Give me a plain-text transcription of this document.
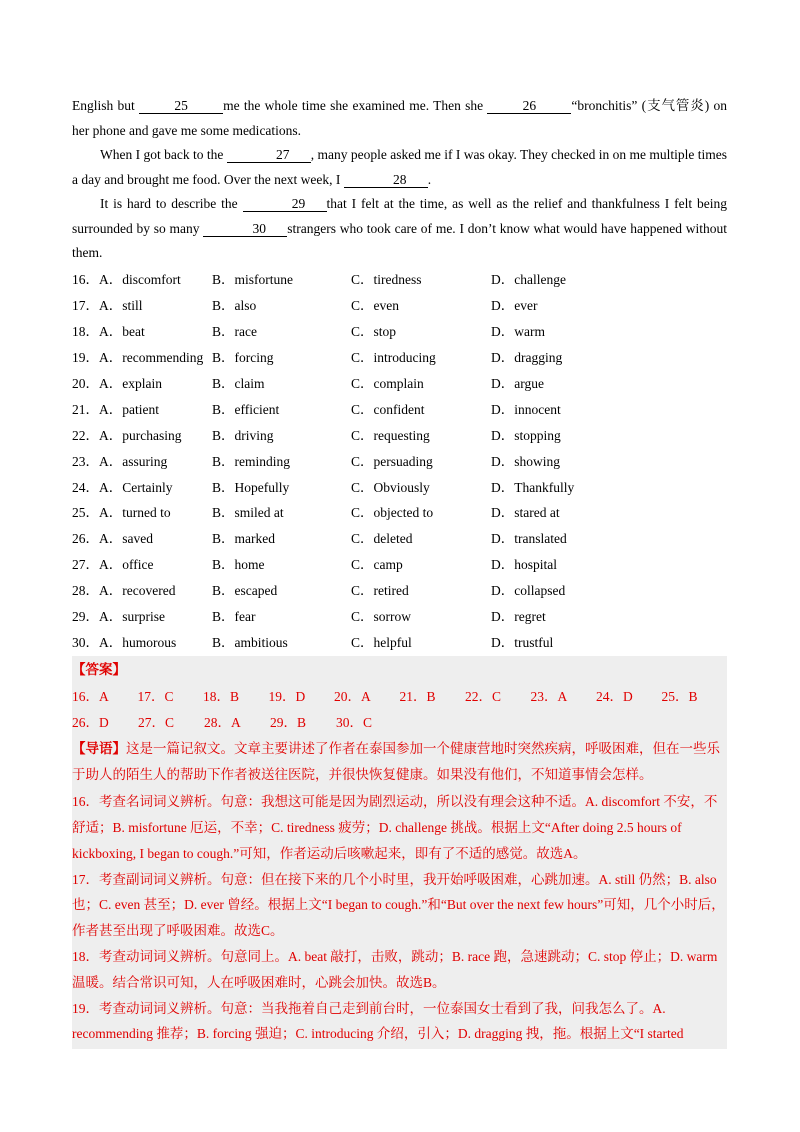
English but	25	me the whole time she examined me. Then she	26	“bronchitis” (支气管炎) on her phone and gave me some medications.

When I got back to the	27 , many people asked me if I was okay. They checked in on me multiple times a day and brought me food. Over the next week, I	28 .

It is hard to describe the	29 that I felt at the time, as well as the relief and thankfulness I felt being surrounded by so many	30 strangers who took care of me. I don’t know what would have happened without them.

16．A．discomfort	B．misfortune	C．tiredness	D．challenge
17．A．still	B．also	C．even	D．ever
18．A．beat	B．race	C．stop	D．warm
19．A．recommending B．forcing	C．introducing	D．dragging
20．A．explain	B．claim	C．complain	D．argue
21．A．patient	B．efficient	C．confident	D．innocent
22．A．purchasing	B．driving	C．requesting	D．stopping
23．A．assuring	B．reminding	C．persuading	D．showing
24．A．Certainly	B．Hopefully	C．Obviously	D．Thankfully
25．A．turned to	B．smiled at	C．objected to	D．stared at
26．A．saved	B．marked	C．deleted	D．translated
27．A．office	B．home	C．camp	D．hospital
28．A．recovered	B．escaped	C．retired	D．collapsed
29．A．surprise	B．fear	C．sorrow	D．regret
30．A．humorous	B．ambitious	C．helpful	D．trustful
【答案】
16．A	17．C	18．B	19．D	20．A	21．B	22．C	23．A	24．D	25．B
26．D	27．C	28．A	29．B	30．C

【导语】这是一篇记叙文。文章主要讲述了作者在泰国参加一个健康营地时突然疾病，呼吸困难，但在一些乐于助人的陌生人的帮助下作者被送往医院，并很快恢复健康。如果没有他们，不知道事情会怎样。

16．考查名词词义辨析。句意：我想这可能是因为剧烈运动，所以没有理会这种不适。A. discomfort 不安，不舒适；B. misfortune 厄运，不幸；C. tiredness 疲劳；D. challenge 挑战。根据上文“After doing 2.5 hours of kickboxing, I began to cough.”可知，作者运动后咳嗽起来，即有了不适的感觉。故选A。

17．考查副词词义辨析。句意：但在接下来的几个小时里，我开始呼吸困难，心跳加速。A. still 仍然；B. also 也；C. even 甚至；D. ever 曾经。根据上文“I began to cough.”和“But over the next few hours”可知，几个小时后，作者甚至出现了呼吸困难。故选C。

18．考查动词词义辨析。句意同上。A. beat 敲打，击败，跳动；B. race 跑，急速跳动；C. stop 停止；D. warm 温暖。结合常识可知，人在呼吸困难时，心跳会加快。故选B。

19．考查动词词义辨析。句意：当我拖着自己走到前台时，一位泰国女士看到了我，问我怎么了。A. recommending 推荐；B. forcing 强迫；C. introducing 介绍，引入；D. dragging 拽，拖。根据上文“I started
